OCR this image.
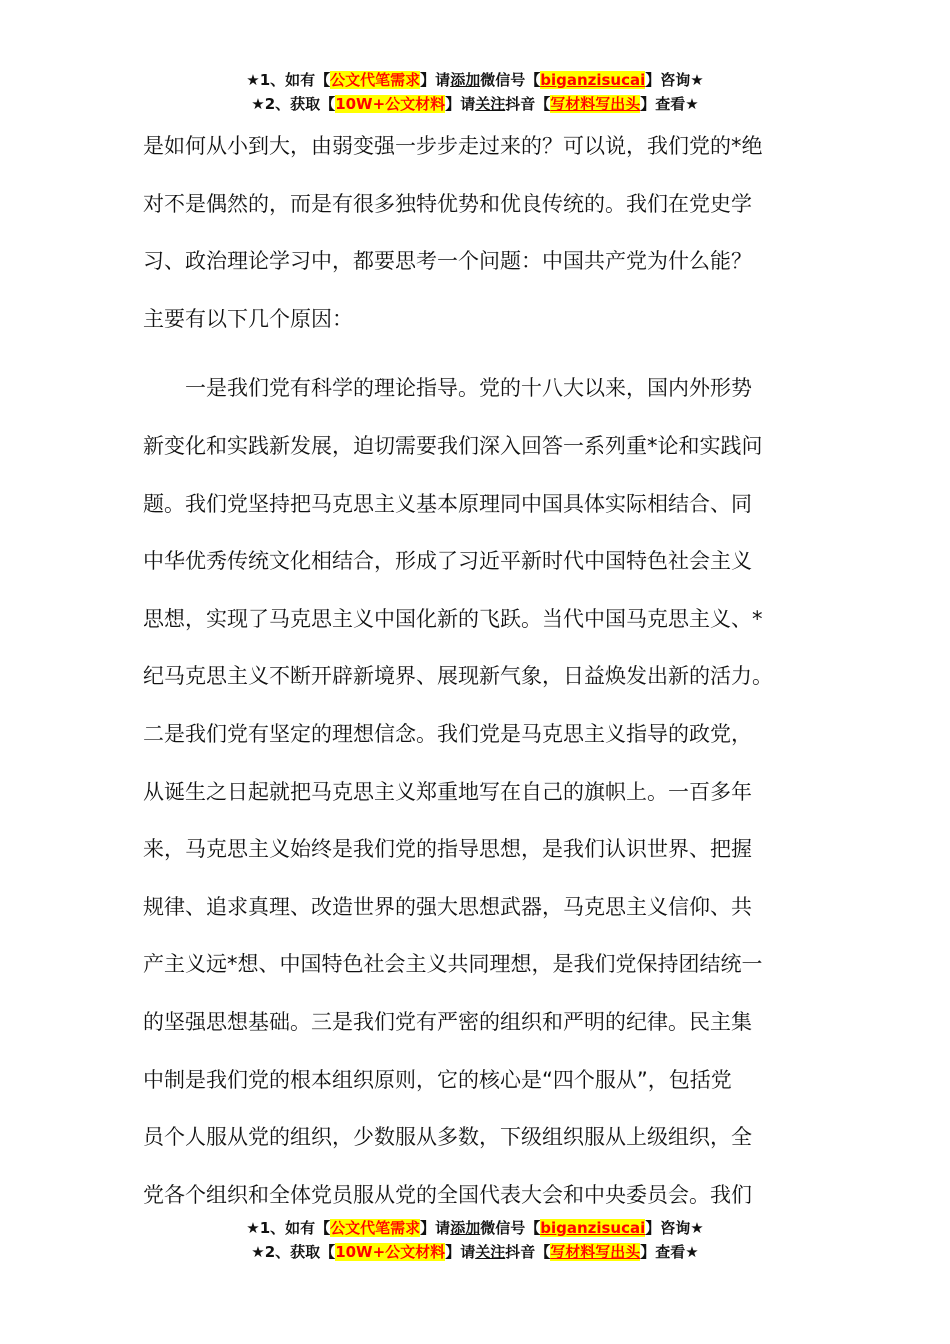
★1、如有【公文代笔需求】请添加微信号【biganzisucai】咨询★
★2、获取【10W+公文材料】请关注抖音【写材料写出头】查看★
是如何从小到大，由弱变强一步步走过来的？可以说，我们党的*绝
对不是偶然的，而是有很多独特优势和优良传统的。我们在党史学
习、政治理论学习中，都要思考一个问题：中国共产党为什么能？
主要有以下几个原因：
　　一是我们党有科学的理论指导。党的十八大以来，国内外形势
新变化和实践新发展，迫切需要我们深入回答一系列重*论和实践问
题。我们党坚持把马克思主义基本原理同中国具体实际相结合、同
中华优秀传统文化相结合，形成了习近平新时代中国特色社会主义
思想，实现了马克思主义中国化新的飞跃。当代中国马克思主义、*
纪马克思主义不断开辟新境界、展现新气象，日益焕发出新的活力。
二是我们党有坚定的理想信念。我们党是马克思主义指导的政党，
从诞生之日起就把马克思主义郑重地写在自己的旗帜上。一百多年
来，马克思主义始终是我们党的指导思想，是我们认识世界、把握
规律、追求真理、改造世界的强大思想武器，马克思主义信仰、共
产主义远*想、中国特色社会主义共同理想，是我们党保持团结统一
的坚强思想基础。三是我们党有严密的组织和严明的纪律。民主集
中制是我们党的根本组织原则，它的核心是“四个服从”，包括党
员个人服从党的组织，少数服从多数，下级组织服从上级组织，全
党各个组织和全体党员服从党的全国代表大会和中央委员会。我们
★1、如有【公文代笔需求】请添加微信号【biganzisucai】咨询★
★2、获取【10W+公文材料】请关注抖音【写材料写出头】查看★
